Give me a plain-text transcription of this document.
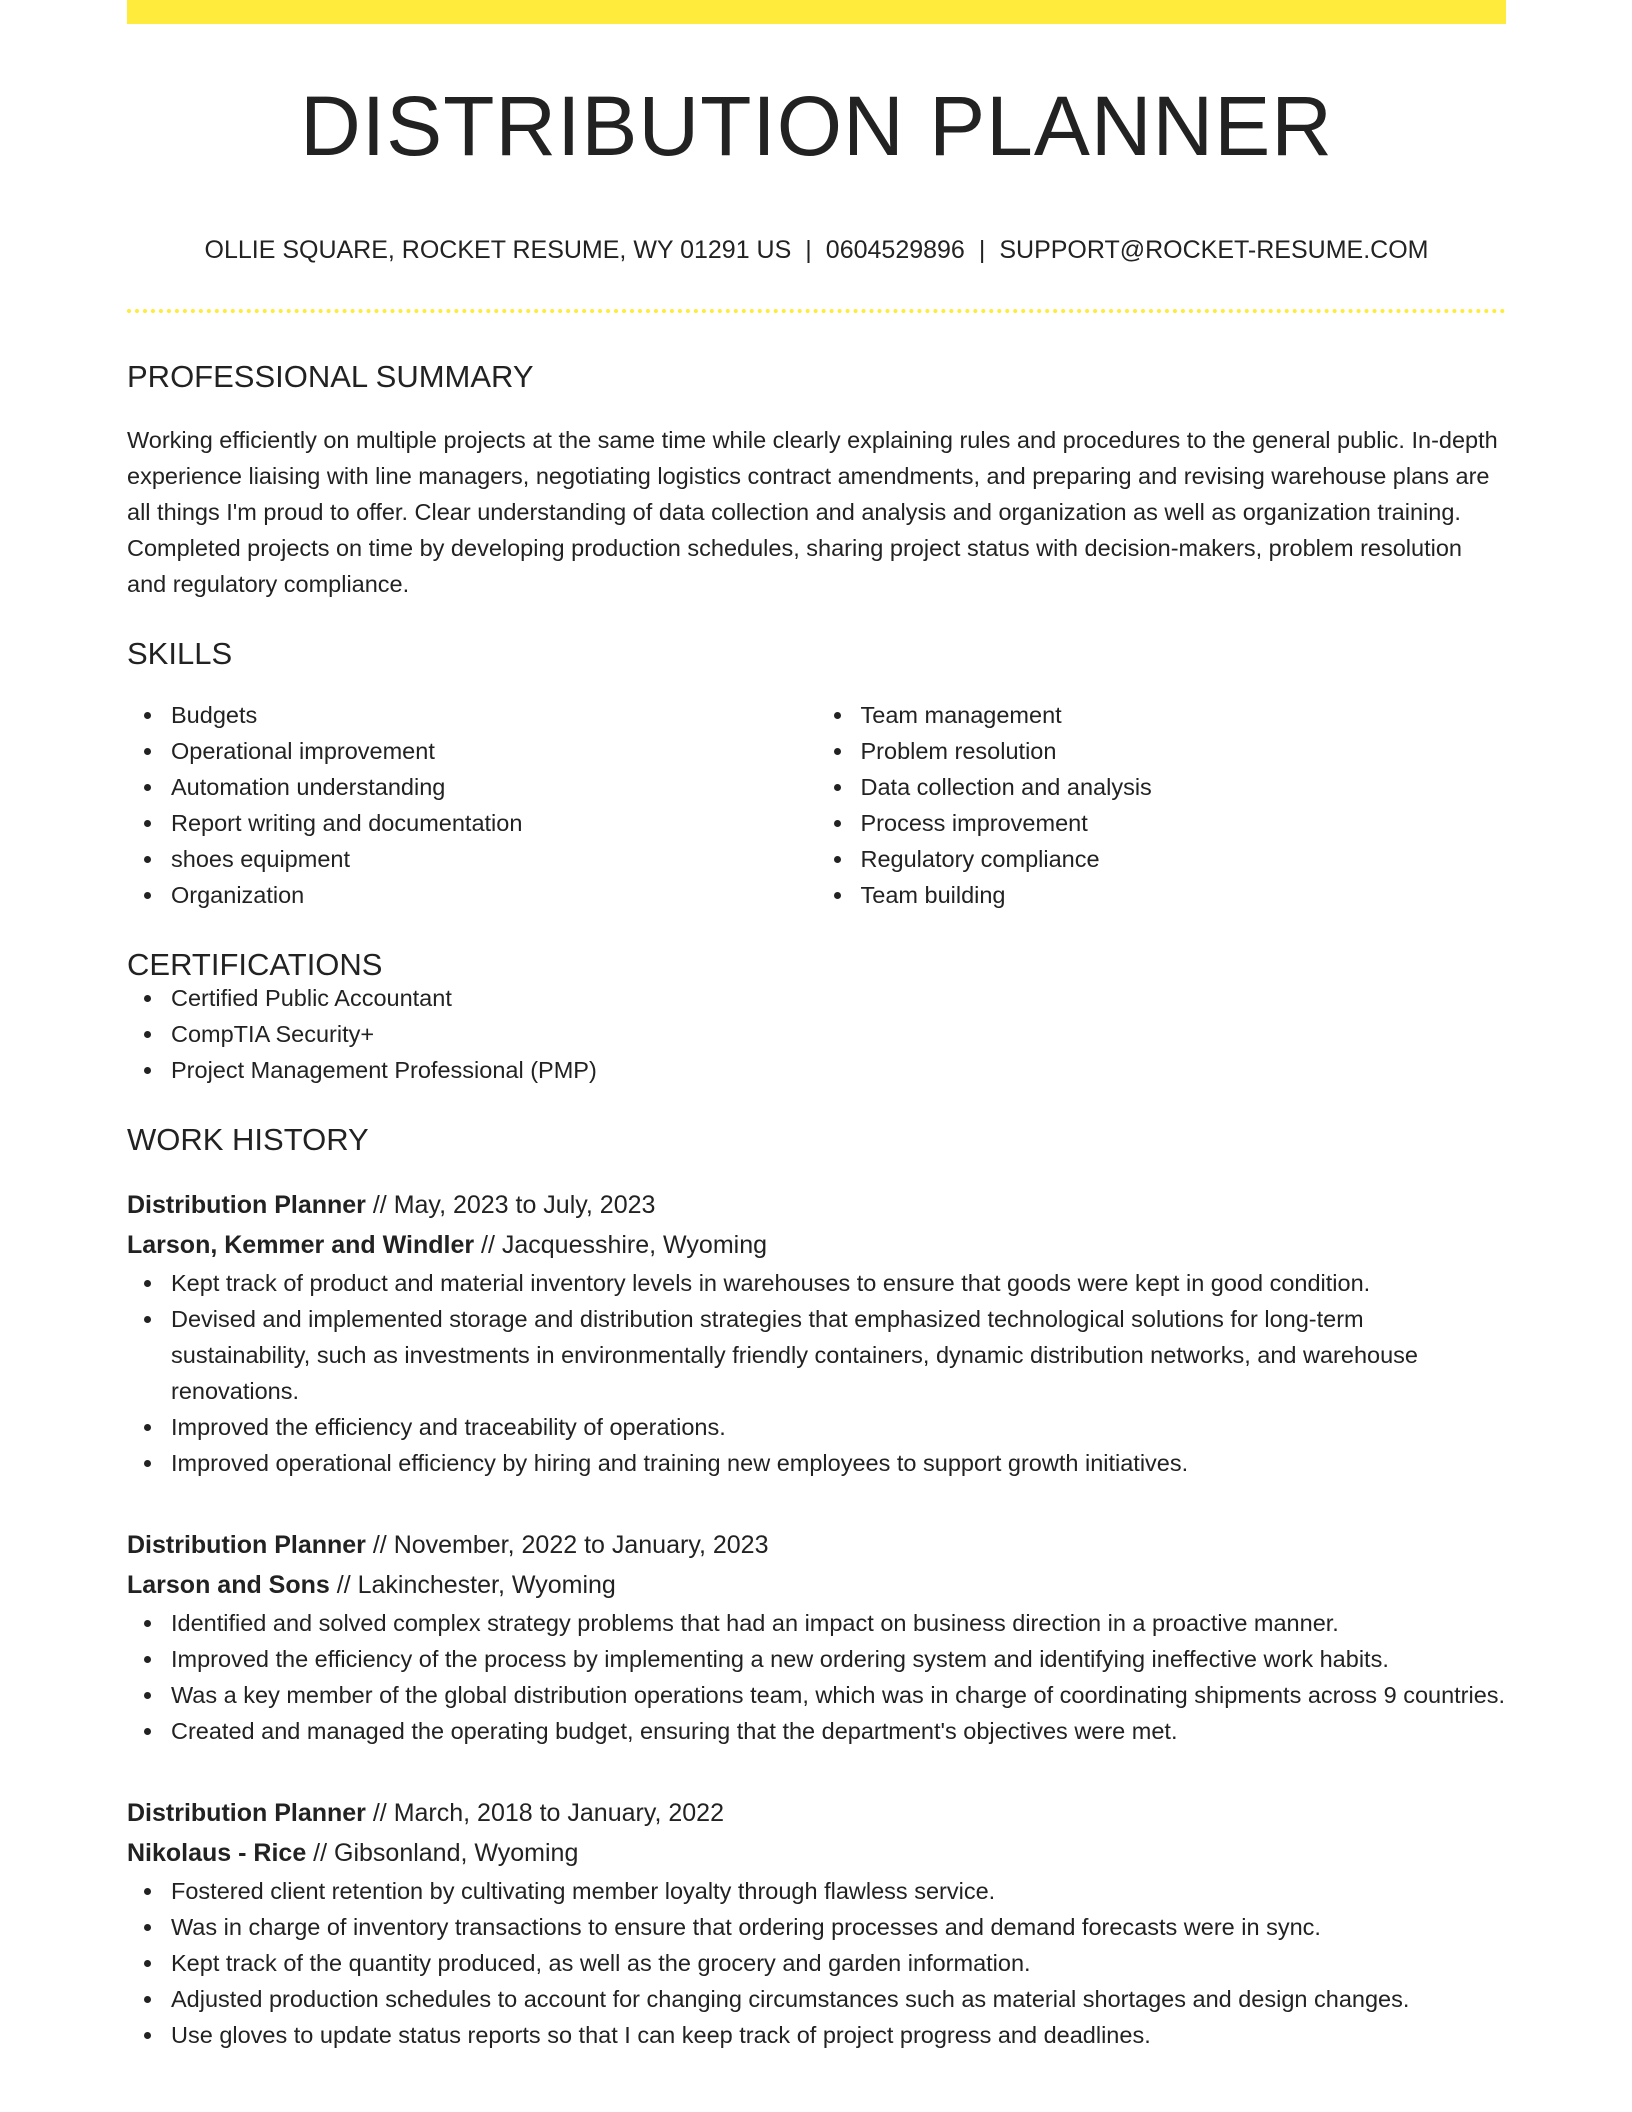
DISTRIBUTION PLANNER
OLLIE SQUARE, ROCKET RESUME, WY 01291 US | 0604529896 | SUPPORT@ROCKET-RESUME.COM
PROFESSIONAL SUMMARY

Working efficiently on multiple projects at the same time while clearly explaining rules and procedures to the general public. In-depth experience liaising with line managers, negotiating logistics contract amendments, and preparing and revising warehouse plans are all things I'm proud to offer. Clear understanding of data collection and analysis and organization as well as organization training. Completed projects on time by developing production schedules, sharing project status with decision-makers, problem resolution and regulatory compliance.

SKILLS
Budgets
Operational improvement
Automation understanding
Report writing and documentation
shoes equipment
Organization
Team management
Problem resolution
Data collection and analysis
Process improvement
Regulatory compliance
Team building
CERTIFICATIONS
Certified Public Accountant
CompTIA Security+
Project Management Professional (PMP)
WORK HISTORY
Distribution Planner // May, 2023 to July, 2023
Larson, Kemmer and Windler // Jacquesshire, Wyoming
Kept track of product and material inventory levels in warehouses to ensure that goods were kept in good condition.
Devised and implemented storage and distribution strategies that emphasized technological solutions for long-term sustainability, such as investments in environmentally friendly containers, dynamic distribution networks, and warehouse renovations.
Improved the efficiency and traceability of operations.
Improved operational efficiency by hiring and training new employees to support growth initiatives.
Distribution Planner // November, 2022 to January, 2023
Larson and Sons // Lakinchester, Wyoming
Identified and solved complex strategy problems that had an impact on business direction in a proactive manner.
Improved the efficiency of the process by implementing a new ordering system and identifying ineffective work habits.
Was a key member of the global distribution operations team, which was in charge of coordinating shipments across 9 countries.
Created and managed the operating budget, ensuring that the department's objectives were met.
Distribution Planner // March, 2018 to January, 2022
Nikolaus - Rice // Gibsonland, Wyoming
Fostered client retention by cultivating member loyalty through flawless service.
Was in charge of inventory transactions to ensure that ordering processes and demand forecasts were in sync.
Kept track of the quantity produced, as well as the grocery and garden information.
Adjusted production schedules to account for changing circumstances such as material shortages and design changes.
Use gloves to update status reports so that I can keep track of project progress and deadlines.
